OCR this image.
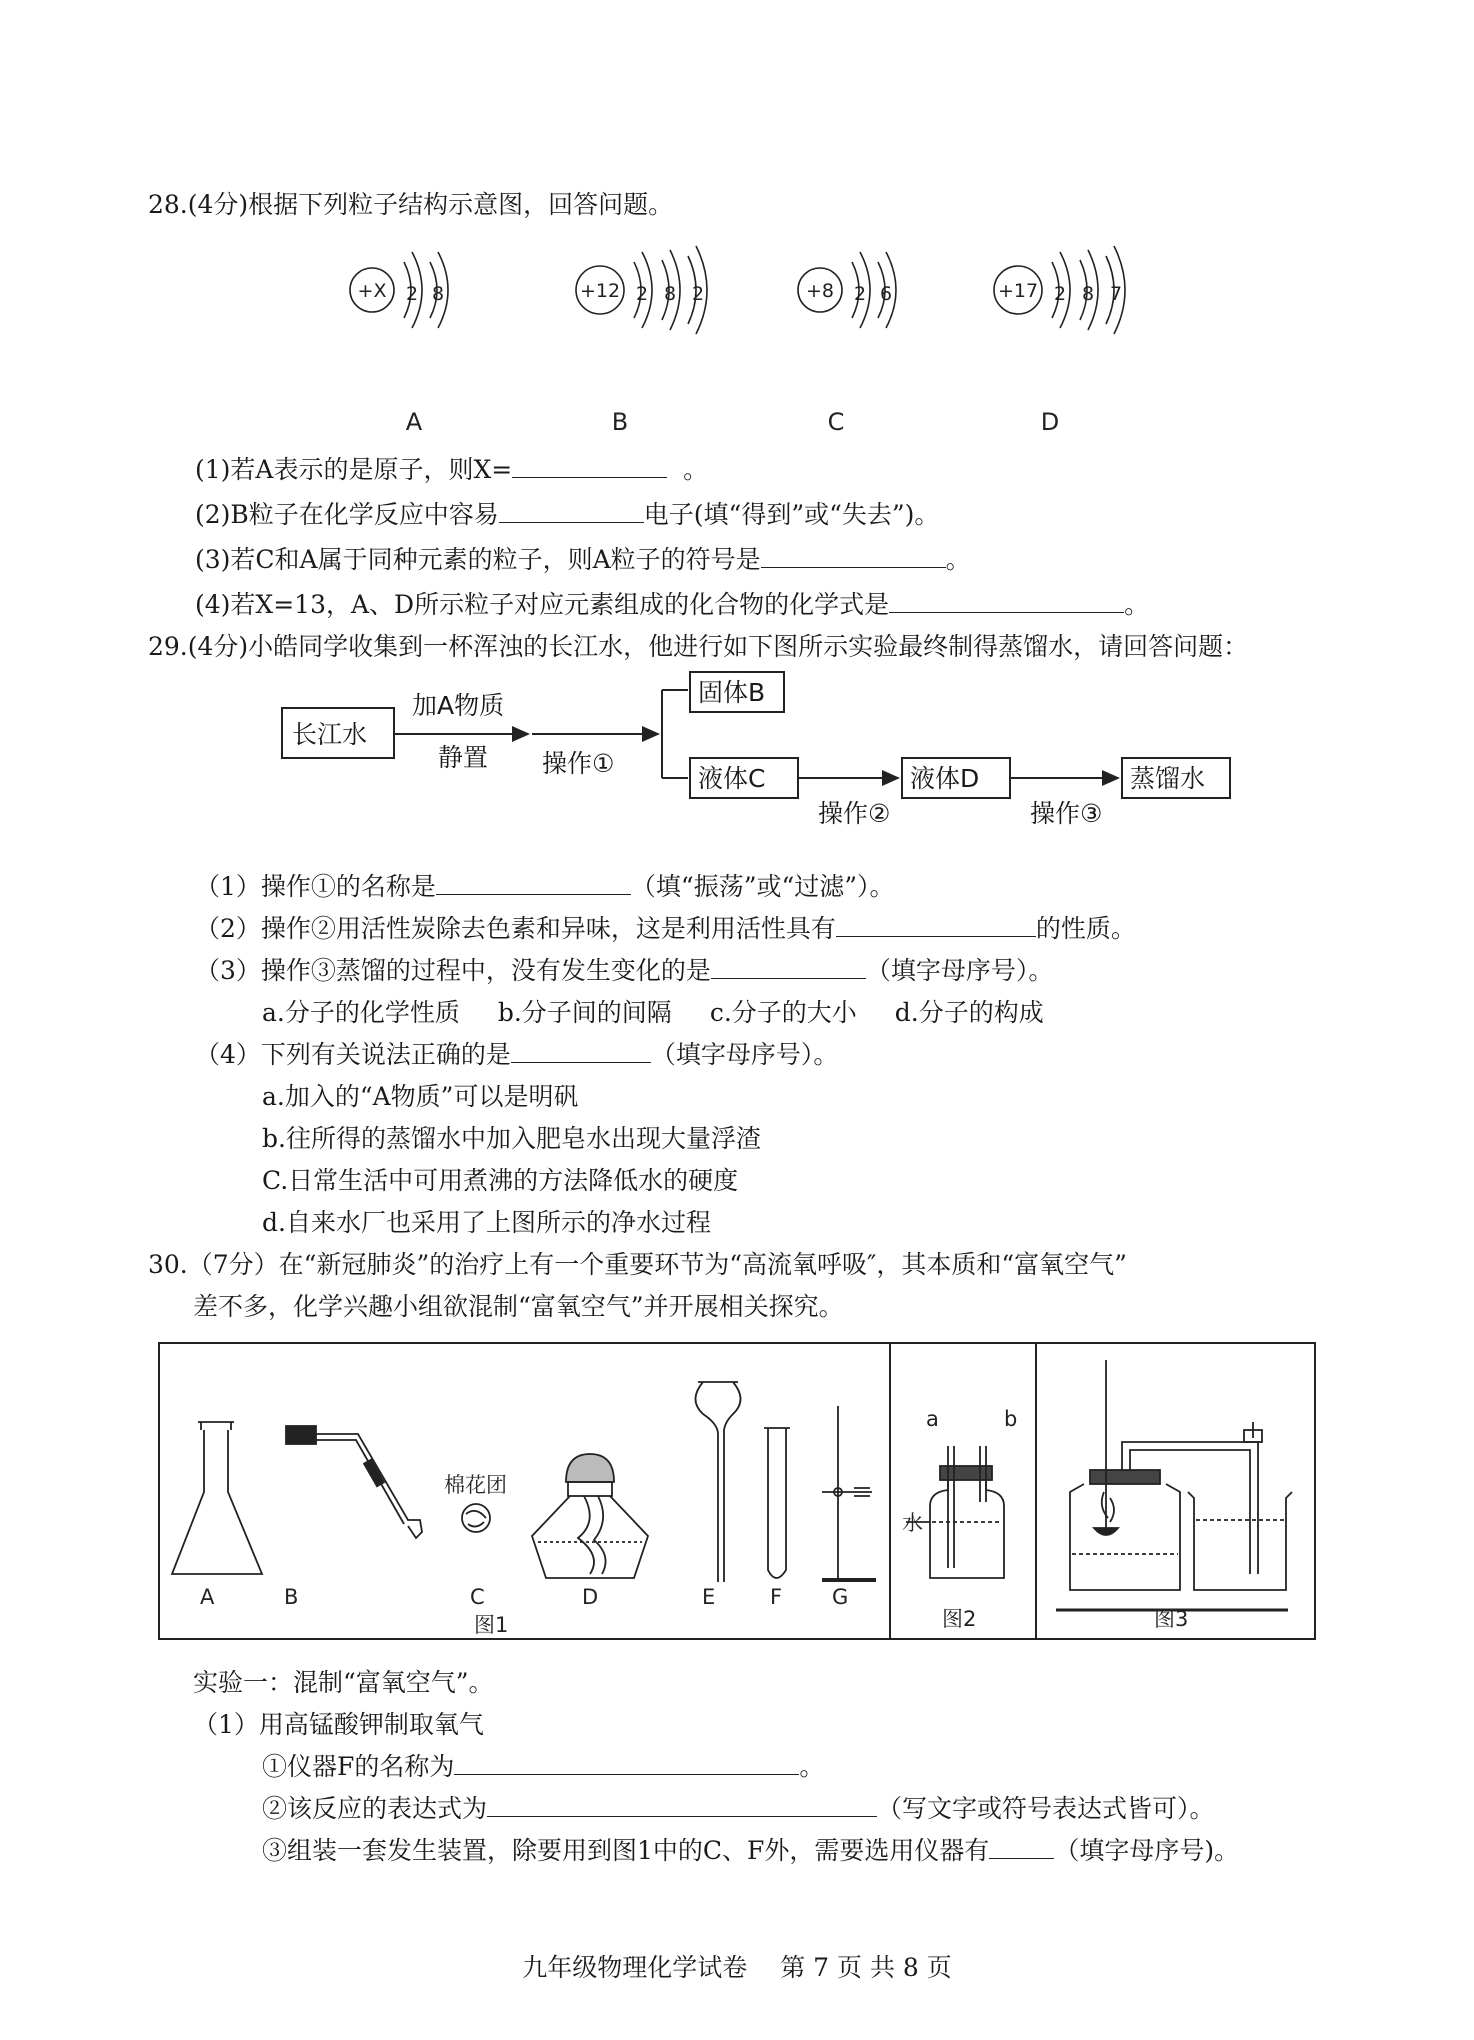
28.(4分)根据下列粒子结构示意图，回答问题。
+X 2 8	+12 2 8 2	+8 2 6	+17 2 8 7
A	B	C	D
(1)若A表示的是原子，则X=	。
(2)B粒子在化学反应中容易	电子(填“得到”或“失去”)。
(3)若C和A属于同种元素的粒子，则A粒子的符号是	。
(4)若X=13，A、D所示粒子对应元素组成的化合物的化学式是	。
29.(4分)小皓同学收集到一杯浑浊的长江水，他进行如下图所示实验最终制得蒸馏水，请回答问题：
长江水
加A物质
静置 操作①
固体B
液体C
操作②
液体D
操作③
蒸馏水
（1）操作①的名称是	（填“振荡”或“过滤”）。
（2）操作②用活性炭除去色素和异味，这是利用活性具有	的性质。
（3）操作③蒸馏的过程中，没有发生变化的是	（填字母序号）。
a.分子的化学性质 b.分子间的间隔 c.分子的大小 d.分子的构成
（4）下列有关说法正确的是	（填字母序号）。
a.加入的“A物质”可以是明矾
b.往所得的蒸馏水中加入肥皂水出现大量浮渣
C.日常生活中可用煮沸的方法降低水的硬度
d.自来水厂也采用了上图所示的净水过程
30.（7分）在“新冠肺炎”的治疗上有一个重要环节为“高流氧呼吸″，其本质和“富氧空气”
差不多，化学兴趣小组欲混制“富氧空气”并开展相关探究。
A	B	C	D	E	F G
棉花团
图1
a	b
水
图2	图3
实验一：混制“富氧空气”。
（1）用高锰酸钾制取氧气
①仪器F的名称为	。
②该反应的表达式为	（写文字或符号表达式皆可）。
③组装一套发生装置，除要用到图1中的C、F外，需要选用仪器有	（填字母序号)。
九年级物理化学试卷　 第 7 页 共 8 页
